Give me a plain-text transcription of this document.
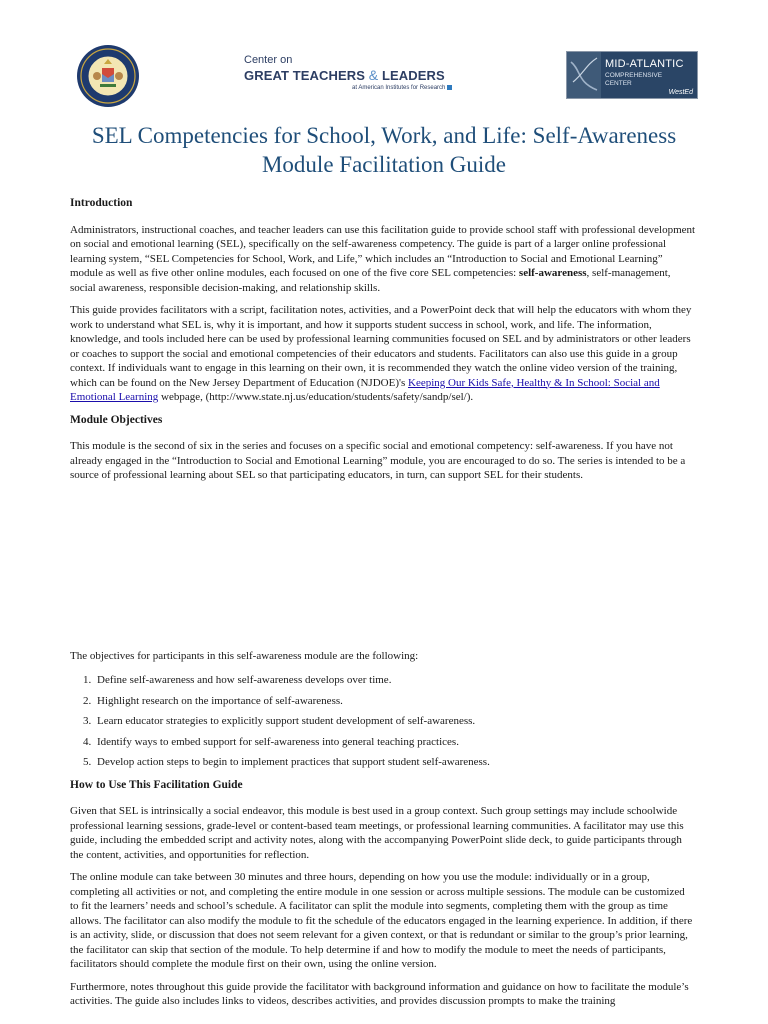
Center on
GREAT TEACHERS & LEADERS
at American Institutes for Research
MID-ATLANTIC
COMPREHENSIVE
CENTER
WestEd
SEL Competencies for School, Work, and Life: Self-Awareness
Module Facilitation Guide
Introduction

Administrators, instructional coaches, and teacher leaders can use this facilitation guide to provide school staff with professional development on social and emotional learning (SEL), specifically on the self-awareness competency. The guide is part of a larger online professional learning system, “SEL Competencies for School, Work, and Life,” which includes an “Introduction to Social and Emotional Learning” module as well as five other online modules, each focused on one of the five core SEL competencies: self-awareness, self-management, social awareness, responsible decision-making, and relationship skills.

This guide provides facilitators with a script, facilitation notes, activities, and a PowerPoint deck that will help the educators with whom they work to understand what SEL is, why it is important, and how it supports student success in school, work, and life. The information, knowledge, and tools included here can be used by professional learning communities focused on SEL and by administrators or other leaders or coaches to support the social and emotional competencies of their educators and students. Facilitators can also use this guide in a group context. If individuals want to engage in this learning on their own, it is recommended they watch the online video version of the training, which can be found on the New Jersey Department of Education (NJDOE)'s Keeping Our Kids Safe, Healthy & In School: Social and Emotional Learning webpage, (http://www.state.nj.us/education/students/safety/sandp/sel/).

Module Objectives

This module is the second of six in the series and focuses on a specific social and emotional competency: self-awareness. If you have not already engaged in the “Introduction to Social and Emotional Learning” module, you are encouraged to do so. The series is intended to be a source of professional learning about SEL so that participating educators, in turn, can support SEL for their students.

The objectives for participants in this self-awareness module are the following:

1. Define self-awareness and how self-awareness develops over time.
2. Highlight research on the importance of self-awareness.
3. Learn educator strategies to explicitly support student development of self-awareness.
4. Identify ways to embed support for self-awareness into general teaching practices.
5. Develop action steps to begin to implement practices that support student self-awareness.
How to Use This Facilitation Guide

Given that SEL is intrinsically a social endeavor, this module is best used in a group context. Such group settings may include schoolwide professional learning sessions, grade-level or content-based team meetings, or professional learning communities. A facilitator may use this guide, including the embedded script and activity notes, along with the accompanying PowerPoint slide deck, to guide participants through the content, activities, and opportunities for reflection.

The online module can take between 30 minutes and three hours, depending on how you use the module: individually or in a group, completing all activities or not, and completing the entire module in one session or across multiple sessions. The module can be customized to fit the learners’ needs and school’s schedule. A facilitator can split the module into segments, completing them with the group as time allows. The facilitator can also modify the module to fit the schedule of the educators engaged in the learning experience. In addition, if there is an activity, slide, or discussion that does not seem relevant for a given context, or that is redundant or similar to the group’s prior learning, the facilitator can skip that section of the module. To help determine if and how to modify the module to meet the needs of participants, facilitators should complete the module first on their own, using the online version.

Furthermore, notes throughout this guide provide the facilitator with background information and guidance on how to facilitate the module’s activities. The guide also includes links to videos, describes activities, and provides discussion prompts to make the training
